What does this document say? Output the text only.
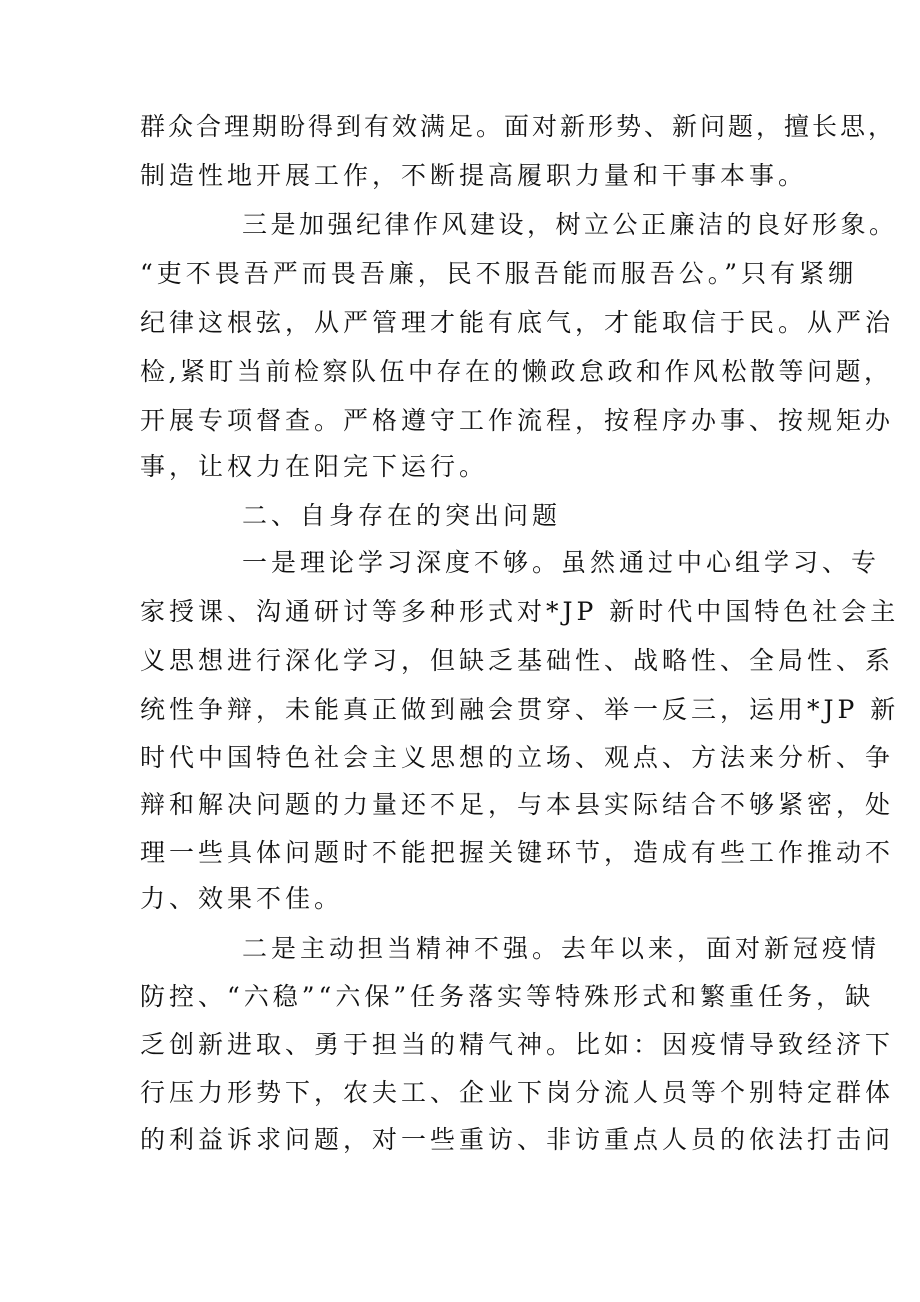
群众合理期盼得到有效满足。面对新形势、新问题，擅长思，
制造性地开展工作，不断提高履职力量和干事本事。
三是加强纪律作风建设，树立公正廉洁的良好形象。
“吏不畏吾严而畏吾廉，民不服吾能而服吾公。”只有紧绷
纪律这根弦，从严管理才能有底气，才能取信于民。从严治
检,紧盯当前检察队伍中存在的懒政怠政和作风松散等问题，
开展专项督查。严格遵守工作流程，按程序办事、按规矩办
事，让权力在阳完下运行。
二、自身存在的突出问题
一是理论学习深度不够。虽然通过中心组学习、专
家授课、沟通研讨等多种形式对*JP 新时代中国特色社会主
义思想进行深化学习，但缺乏基础性、战略性、全局性、系
统性争辩，未能真正做到融会贯穿、举一反三，运用*JP 新
时代中国特色社会主义思想的立场、观点、方法来分析、争
辩和解决问题的力量还不足，与本县实际结合不够紧密，处
理一些具体问题时不能把握关键环节，造成有些工作推动不
力、效果不佳。
二是主动担当精神不强。去年以来，面对新冠疫情
防控、“六稳”“六保”任务落实等特殊形式和繁重任务，缺
乏创新进取、勇于担当的精气神。比如：因疫情导致经济下
行压力形势下，农夫工、企业下岗分流人员等个别特定群体
的利益诉求问题，对一些重访、非访重点人员的依法打击问
